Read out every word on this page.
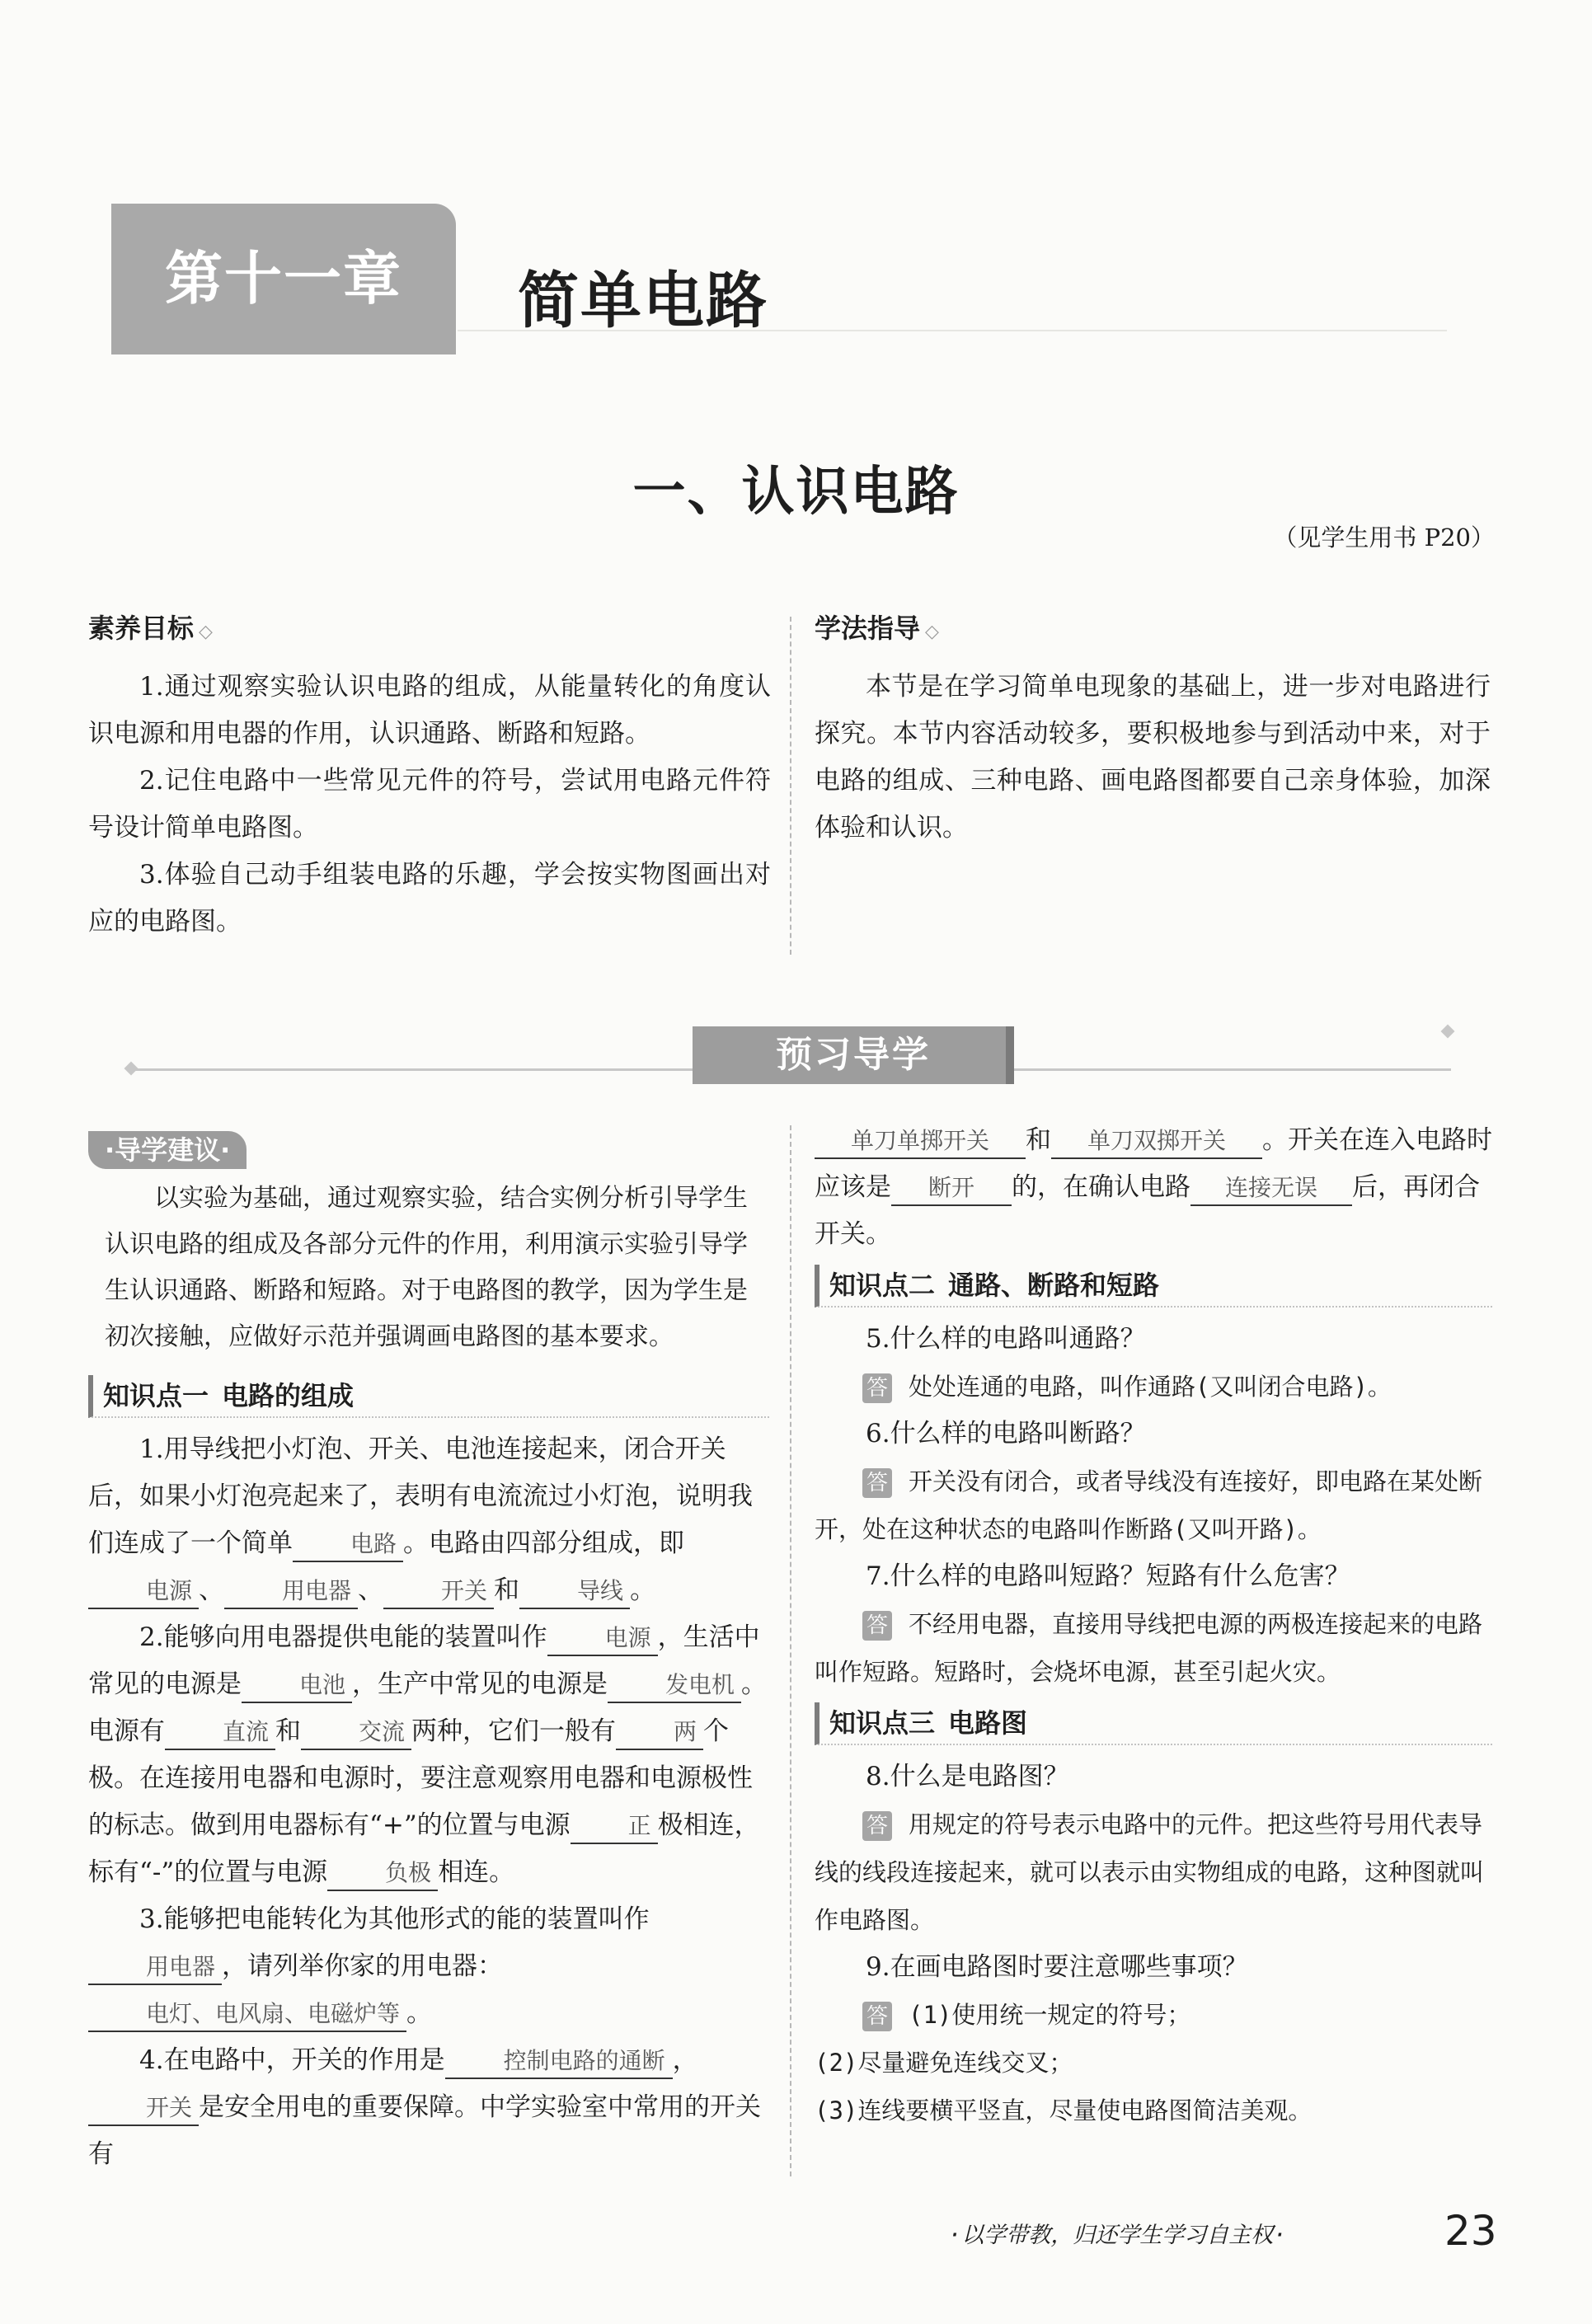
第十一章	简单电路
一、认识电路
（见学生用书 P20）
素养目标 ◇

1.通过观察实验认识电路的组成，从能量转化的角度认识电源和用电器的作用，认识通路、断路和短路。

2.记住电路中一些常见元件的符号，尝试用电路元件符号设计简单电路图。

3.体验自己动手组装电路的乐趣，学会按实物图画出对应的电路图。

学法指导 ◇

本节是在学习简单电现象的基础上，进一步对电路进行探究。本节内容活动较多，要积极地参与到活动中来，对于电路的组成、三种电路、画电路图都要自己亲身体验，加深体验和认识。

预习导学
·导学建议·

以实验为基础，通过观察实验，结合实例分析引导学生认识电路的组成及各部分元件的作用，利用演示实验引导学生认识通路、断路和短路。对于电路图的教学，因为学生是初次接触，应做好示范并强调画电路图的基本要求。

知识点一 电路的组成

1.用导线把小灯泡、开关、电池连接起来，闭合开关后，如果小灯泡亮起来了，表明有电流流过小灯泡，说明我们连成了一个简单	电路 。电路由四部分组成，即电源 、	用电器 、	开关 和	导线 。

2.能够向用电器提供电能的装置叫作	电源 ，生活中常见的电源是	电池 ，生产中常见的电源是	发电机 。电源有	直流 和	交流 两种，它们一般有	两 个极。在连接用电器和电源时，要注意观察用电器和电源极性的标志。做到用电器标有“+”的位置与电源	正 极相连，标有“-”的位置与电源	负极 相连。

3.能够把电能转化为其他形式的能的装置叫作用电器 ，请列举你家的用电器：电灯、电风扇、电磁炉等 。

4.在电路中，开关的作用是	控制电路的通断 ，开关 是安全用电的重要保障。中学实验室中常用的开关有

单刀单掷开关 和 单刀双掷开关 。开关在连入电路时应该是 断开 的，在确认电路 连接无误 后，再闭合开关。

知识点二 通路、断路和短路

5.什么样的电路叫通路？

答 处处连通的电路，叫作通路(又叫闭合电路)。

6.什么样的电路叫断路？

答 开关没有闭合，或者导线没有连接好，即电路在某处断开，处在这种状态的电路叫作断路(又叫开路)。

7.什么样的电路叫短路？短路有什么危害？

答 不经用电器，直接用导线把电源的两极连接起来的电路叫作短路。短路时，会烧坏电源，甚至引起火灾。

知识点三 电路图

8.什么是电路图？

答 用规定的符号表示电路中的元件。把这些符号用代表导线的线段连接起来，就可以表示由实物组成的电路，这种图就叫作电路图。

9.在画电路图时要注意哪些事项？

答 (1)使用统一规定的符号；

(2)尽量避免连线交叉；

(3)连线要横平竖直，尽量使电路图简洁美观。

·以学带教，归还学生学习自主权·	23
